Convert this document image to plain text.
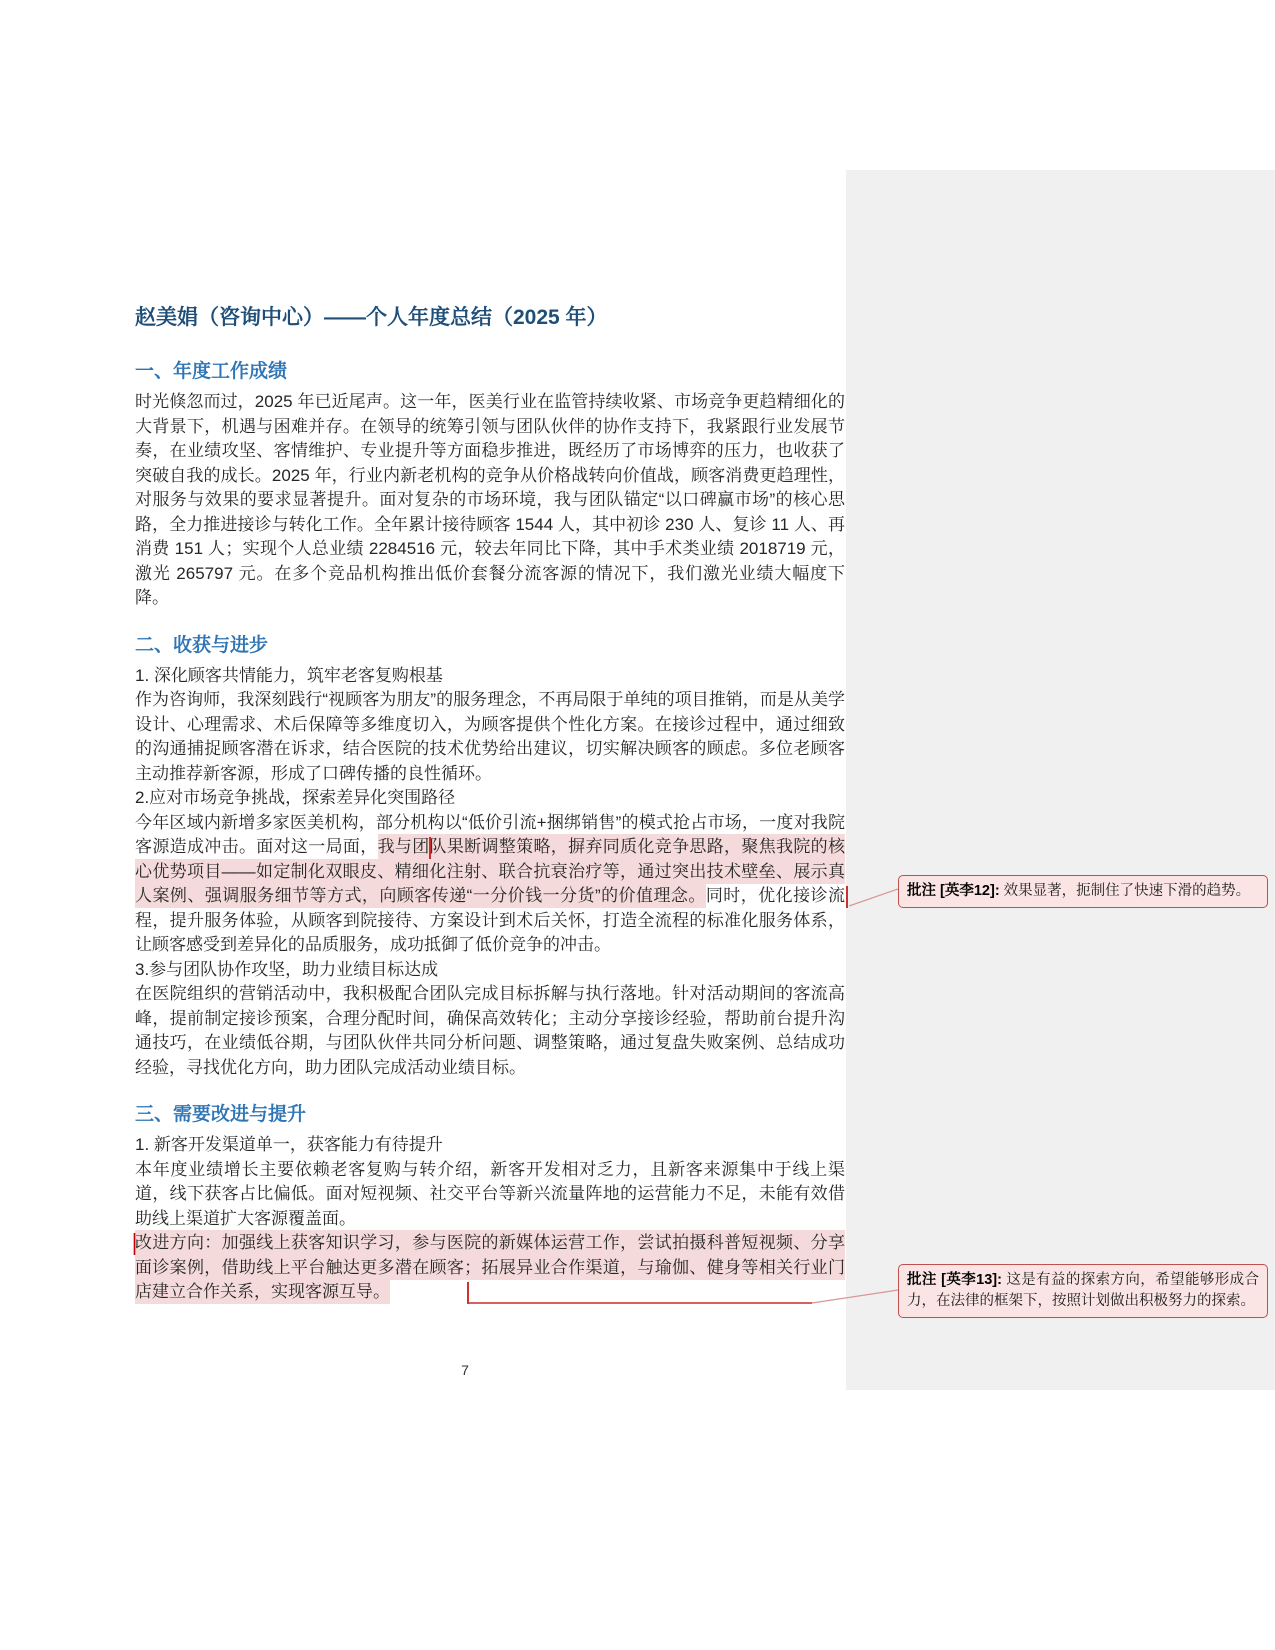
赵美娟（咨询中心）——个人年度总结（2025 年）
一、年度工作成绩

时光倏忽而过，2025 年已近尾声。这一年，医美行业在监管持续收紧、市场竞争更趋精细化的大背景下，机遇与困难并存。在领导的统筹引领与团队伙伴的协作支持下，我紧跟行业发展节奏，在业绩攻坚、客情维护、专业提升等方面稳步推进，既经历了市场博弈的压力，也收获了突破自我的成长。2025 年，行业内新老机构的竞争从价格战转向价值战，顾客消费更趋理性，对服务与效果的要求显著提升。面对复杂的市场环境，我与团队锚定“以口碑赢市场”的核心思路，全力推进接诊与转化工作。全年累计接待顾客 1544 人，其中初诊 230 人、复诊 11 人、再消费 151 人；实现个人总业绩 2284516 元，较去年同比下降，其中手术类业绩 2018719 元，激光 265797 元。在多个竞品机构推出低价套餐分流客源的情况下，我们激光业绩大幅度下降。

二、收获与进步

1. 深化顾客共情能力，筑牢老客复购根基

作为咨询师，我深刻践行“视顾客为朋友”的服务理念，不再局限于单纯的项目推销，而是从美学设计、心理需求、术后保障等多维度切入，为顾客提供个性化方案。在接诊过程中，通过细致的沟通捕捉顾客潜在诉求，结合医院的技术优势给出建议，切实解决顾客的顾虑。多位老顾客主动推荐新客源，形成了口碑传播的良性循环。

2.应对市场竞争挑战，探索差异化突围路径

今年区域内新增多家医美机构，部分机构以“低价引流+捆绑销售”的模式抢占市场，一度对我院客源造成冲击。面对这一局面，我与团队果断调整策略，摒弃同质化竞争思路，聚焦我院的核心优势项目——如定制化双眼皮、精细化注射、联合抗衰治疗等，通过突出技术壁垒、展示真人案例、强调服务细节等方式，向顾客传递“一分价钱一分货”的价值理念。同时，优化接诊流程，提升服务体验，从顾客到院接待、方案设计到术后关怀，打造全流程的标准化服务体系，让顾客感受到差异化的品质服务，成功抵御了低价竞争的冲击。

3.参与团队协作攻坚，助力业绩目标达成

在医院组织的营销活动中，我积极配合团队完成目标拆解与执行落地。针对活动期间的客流高峰，提前制定接诊预案，合理分配时间，确保高效转化；主动分享接诊经验，帮助前台提升沟通技巧，在业绩低谷期，与团队伙伴共同分析问题、调整策略，通过复盘失败案例、总结成功经验，寻找优化方向，助力团队完成活动业绩目标。

三、需要改进与提升

1. 新客开发渠道单一，获客能力有待提升

本年度业绩增长主要依赖老客复购与转介绍，新客开发相对乏力，且新客来源集中于线上渠道，线下获客占比偏低。面对短视频、社交平台等新兴流量阵地的运营能力不足，未能有效借助线上渠道扩大客源覆盖面。

改进方向：加强线上获客知识学习，参与医院的新媒体运营工作，尝试拍摄科普短视频、分享面诊案例，借助线上平台触达更多潜在顾客；拓展异业合作渠道，与瑜伽、健身等相关行业门店建立合作关系，实现客源互导。

批注 [英李12]: 效果显著，扼制住了快速下滑的趋势。
批注 [英李13]: 这是有益的探索方向，希望能够形成合力，在法律的框架下，按照计划做出积极努力的探索。
7
